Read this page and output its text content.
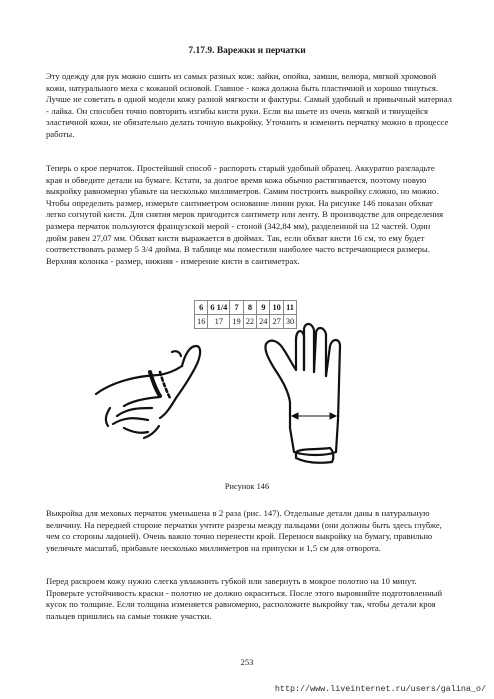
7.17.9. Варежки и перчатки

Эту одежду для рук можно сшить из самых разных кож: лайки, опойка, замши, велюра, мягкой хромовой кожи, натурального меха с кожаной основой. Главное - кожа должна быть пластичной и хорошо тянуться. Лучше не советать в одной модели кожу разной мягкости и фактуры. Самый удобный и привычный материал - лайка. Он способен точно повторить изгибы кисти руки. Если вы шьете из очень мягкой и тянущейся эластичной кожи, не обязательно делать точную выкройку. Уточнить и изменить перчатку можно в процессе работы.

Теперь о крое перчаток. Простейший способ - распороть старый удобный образец. Аккуратно разгладьте края и обведите детали на бумаге. Кстати, за долгое время кожа обычно растягивается, поэтому новую выкройку равномерно убавьте на несколько миллиметров. Самим построить выкройку сложно, но можно. Чтобы определить размер, измерьте сантиметром основание линии руки. На рисунке 146 показан обхват легко согнутой кисти. Для снятия мерок пригодится сантиметр или ленту. В производстве для определения размера перчаток пользуются французской мерой - стоной (342,84 мм), разделенной на 12 частей. Один дюйм равен 27,07 мм. Обхват кисти выражается в дюймах. Так, если обхват кисти 16 см, то ему будет соответствовать размер 5 3/4 дюйма. В таблице мы поместили наиболее часто встречающиеся размеры. Верхняя колонка - размер, нижняя - измерение кисти в сантиметрах.

6	6 1/4	7	8	9	10	11
16	17	19	22	24	27	30
Рисунок 146

Выкройка для меховых перчаток уменьшена в 2 раза (рис. 147). Отдельные детали даны в натуральную величину. На передней стороне перчатки учтите разрезы между пальцами (они должны быть здесь глубже, чем со стороны ладоней). Очень важно точно перенести крой. Перенося выкройку на бумагу, правильно увеличьте масштаб, прибавьте несколько миллиметров на припуски и 1,5 см для отворота.

Перед раскроем кожу нужно слегка увлажнить губкой или завернуть в мокрое полотно на 10 минут. Проверьте устойчивость краски - полотно не должно окраситься. После этого выровняйте подготовленный кусок по толщине. Если толщина изменяется равномерно, расположите выкройку так, чтобы детали кроя пальцев пришлись на самые тонкие участки.

253
http://www.liveinternet.ru/users/galina_o/
